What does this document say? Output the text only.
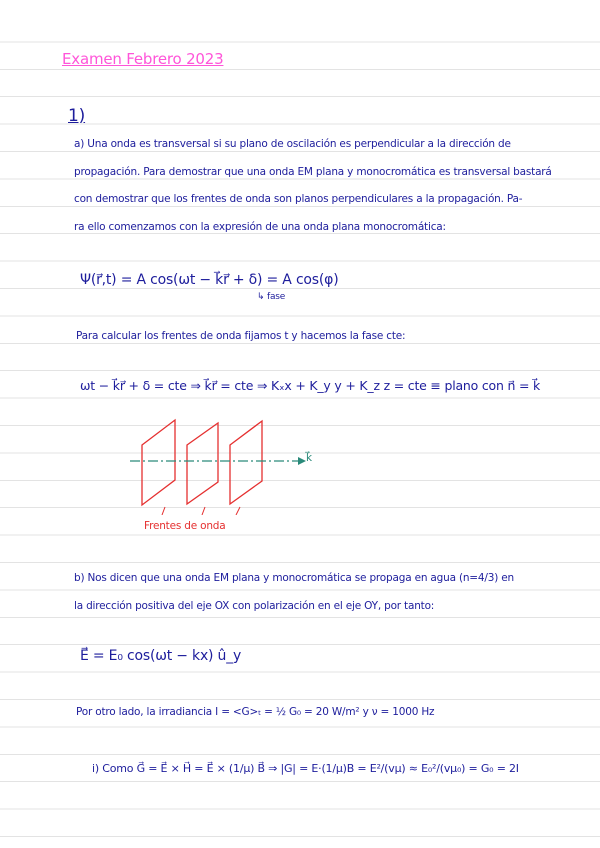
Examen Febrero 2023
1)
a) Una onda es transversal si su plano de oscilación es perpendicular a la dirección de
propagación. Para demostrar que una onda EM plana y monocromática es transversal bastará
con demostrar que los frentes de onda son planos perpendiculares a la propagación. Pa-
ra ello comenzamos con la expresión de una onda plana monocromática:
Ψ(r⃗,t) = A cos(ωt − k⃗r⃗ + δ) = A cos(φ)
↳ fase
Para calcular los frentes de onda fijamos t y hacemos la fase cte:
ωt − k⃗r⃗ + δ = cte ⇒ k⃗r⃗ = cte ⇒ Kₓx + K_y y + K_z z = cte ≡ plano con n⃗ = k⃗
k⃗
Frentes de onda
b) Nos dicen que una onda EM plana y monocromática se propaga en agua (n=4/3) en
la dirección positiva del eje OX con polarización en el eje OY, por tanto:
E⃗ = E₀ cos(ωt − kx) û_y
Por otro lado, la irradiancia I = <G>ₜ = ½ G₀ = 20 W/m² y ν = 1000 Hz
i) Como G⃗ = E⃗ × H⃗ = E⃗ × (1/μ) B⃗ ⇒ |G| = E·(1/μ)B = E²/(vμ) ≈ E₀²/(vμ₀) = G₀ = 2I
